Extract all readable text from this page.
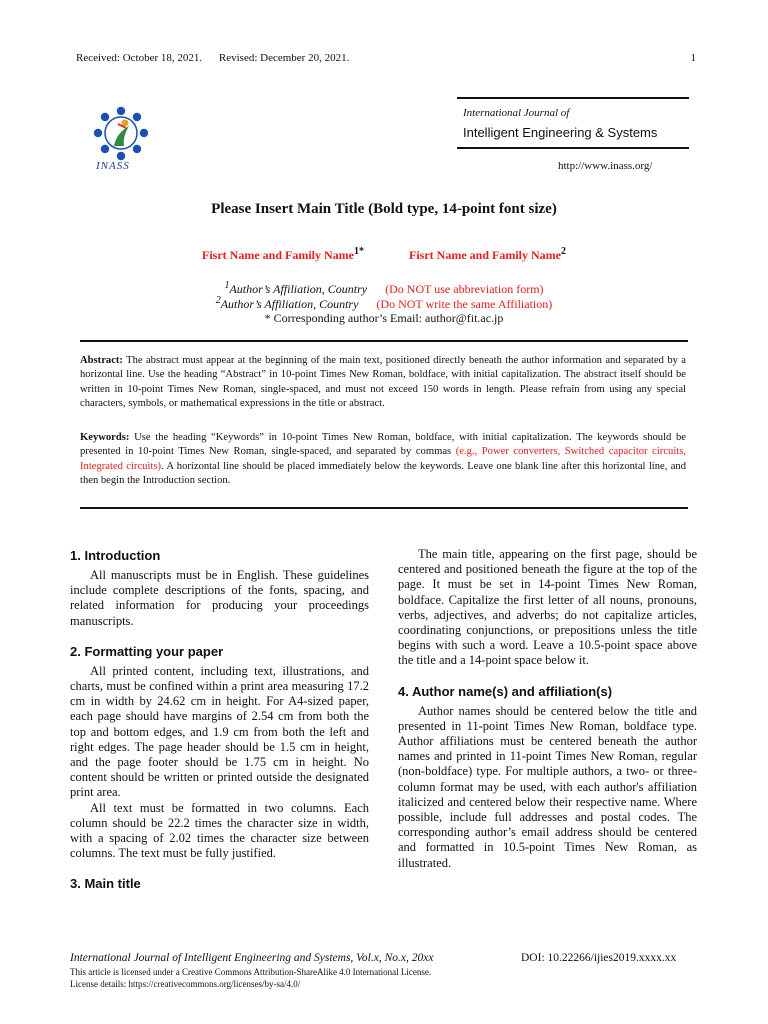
Received: October 18, 2021. Revised: December 20, 2021.	1
INASS
International Journal of
Intelligent Engineering & Systems
http://www.inass.org/
Please Insert Main Title (Bold type, 14-point font size)
Fisrt Name and Family Name$^{1*}$	Fisrt Name and Family Name$^2$
$^1$Author’s Affiliation, Country (Do NOT use abbreviation form)
$^2$Author’s Affiliation, Country (Do NOT write the same Affiliation)
* Corresponding author’s Email: author@fit.ac.jp
Abstract: The abstract must appear at the beginning of the main text, positioned directly beneath the author information and separated by a horizontal line. Use the heading “Abstract” in 10-point Times New Roman, boldface, with initial capitalization. The abstract itself should be written in 10-point Times New Roman, single-spaced, and must not exceed 150 words in length. Please refrain from using any special characters, symbols, or mathematical expressions in the title or abstract.
Keywords: Use the heading “Keywords” in 10-point Times New Roman, boldface, with initial capitalization. The keywords should be presented in 10-point Times New Roman, single-spaced, and separated by commas (e.g., Power converters, Switched capacitor circuits, Integrated circuits). A horizontal line should be placed immediately below the keywords. Leave one blank line after this horizontal line, and then begin the Introduction section.
1. Introduction

All manuscripts must be in English. These guidelines include complete descriptions of the fonts, spacing, and related information for producing your proceedings manuscripts.

2. Formatting your paper

All printed content, including text, illustrations, and charts, must be confined within a print area measuring 17.2 cm in width by 24.62 cm in height. For A4-sized paper, each page should have margins of 2.54 cm from both the top and bottom edges, and 1.9 cm from both the left and right edges. The page header should be 1.5 cm in height, and the page footer should be 1.75 cm in height. No content should be written or printed outside the designated print area.

All text must be formatted in two columns. Each column should be 22.2 times the character size in width, with a spacing of 2.02 times the character size between columns. The text must be fully justified.

3. Main title

The main title, appearing on the first page, should be centered and positioned beneath the figure at the top of the page. It must be set in 14-point Times New Roman, boldface. Capitalize the first letter of all nouns, pronouns, verbs, adjectives, and adverbs; do not capitalize articles, coordinating conjunctions, or prepositions unless the title begins with such a word. Leave a 10.5-point space above the title and a 14-point space below it.

4. Author name(s) and affiliation(s)

Author names should be centered below the title and presented in 11-point Times New Roman, boldface type. Author affiliations must be centered beneath the author names and printed in 11-point Times New Roman, regular (non-boldface) type. For multiple authors, a two- or three-column format may be used, with each author's affiliation italicized and centered below their respective name. Where possible, include full addresses and postal codes. The corresponding author’s email address should be centered and formatted in 10.5-point Times New Roman, as illustrated.

International Journal of Intelligent Engineering and Systems, Vol.x, No.x, 20xx	DOI: 10.22266/ijies2019.xxxx.xx
This article is licensed under a Creative Commons Attribution-ShareAlike 4.0 International License.
License details: https://creativecommons.org/licenses/by-sa/4.0/
